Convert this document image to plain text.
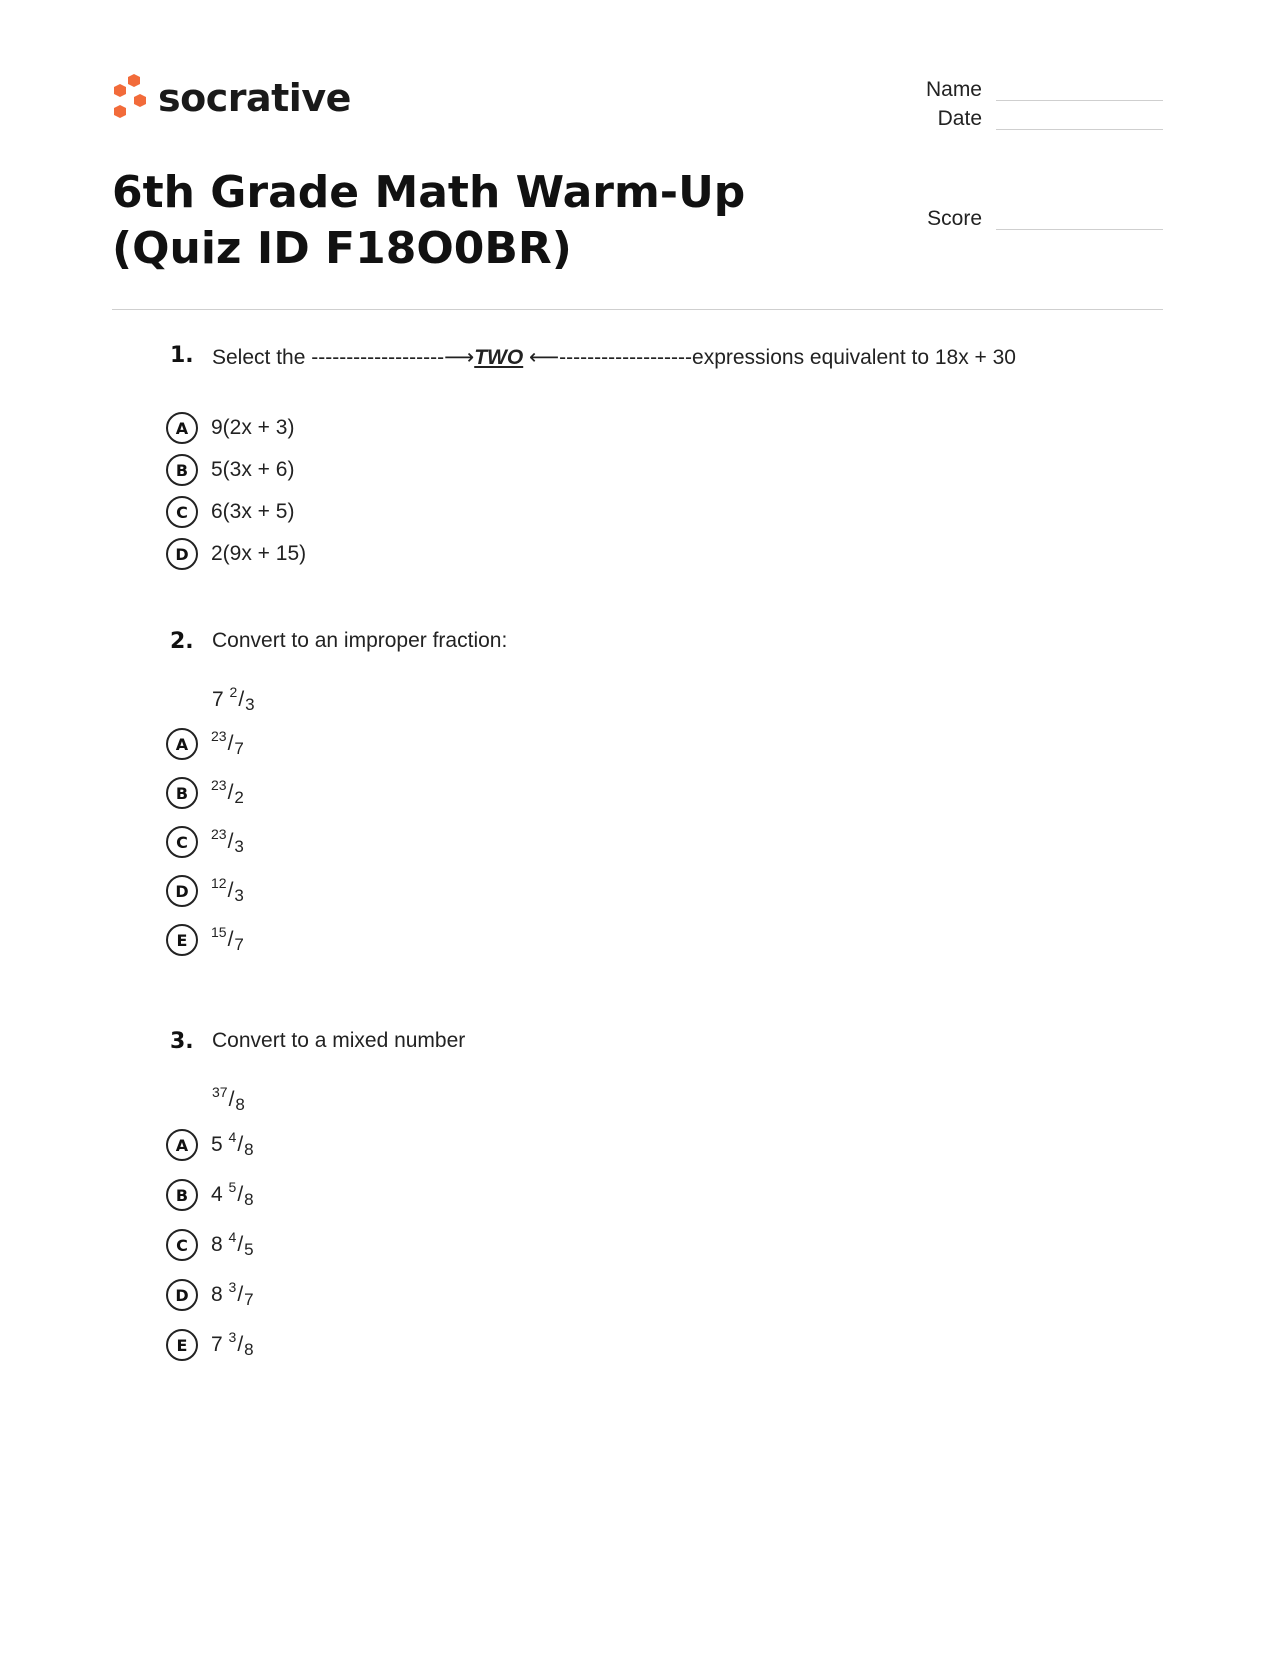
socrative	Name
Date
Score
6th Grade Math Warm-Up (Quiz ID F18O0BR)
1. Select the -------------------⟶TWO ⟵-------------------expressions equivalent to 18x + 30
A	9(2x + 3)
B	5(3x + 6)
C	6(3x + 5)
D	2(9x + 15)
2. Convert to an improper fraction:
7 $^2$/3
A	$^{23}$/7
B	$^{23}$/2
C	$^{23}$/3
D	$^{12}$/3
E	$^{15}$/7
3. Convert to a mixed number
$^{37}$/8
A	5 $^4$/8
B	4 $^5$/8
C	8 $^4$/5
D	8 $^3$/7
E	7 $^3$/8
